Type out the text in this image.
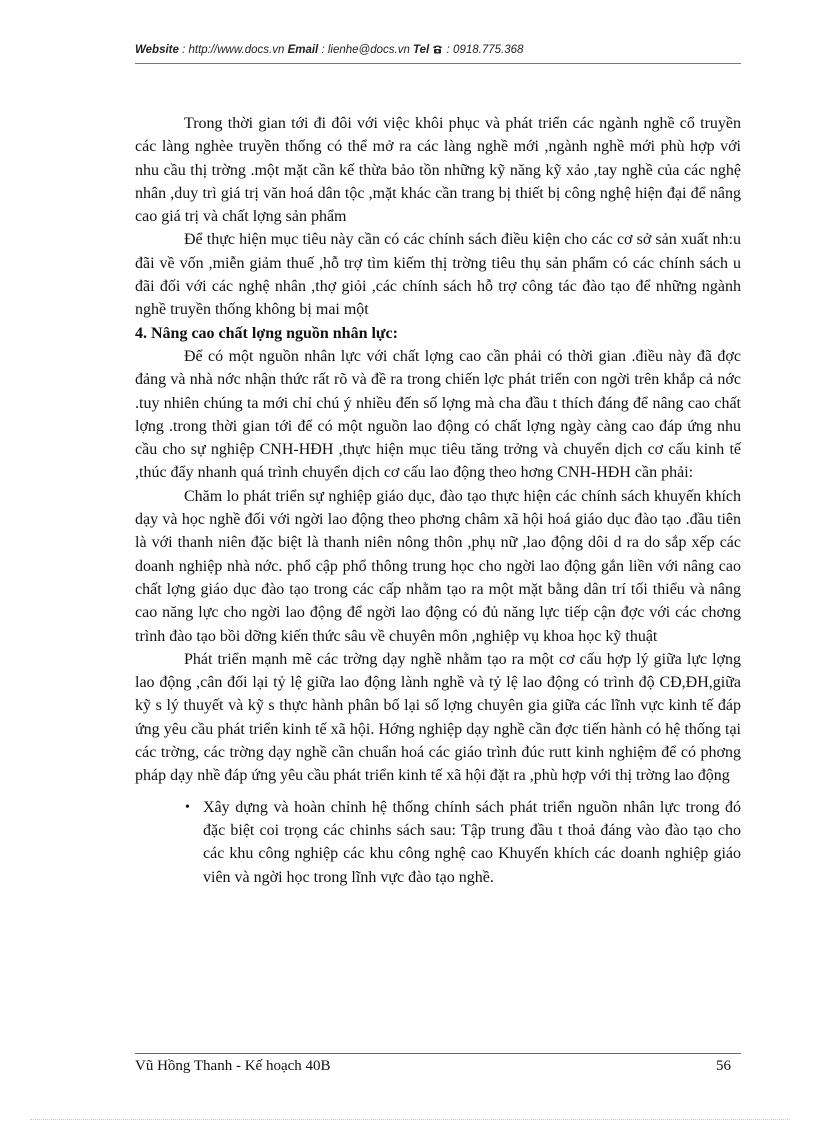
Website : http://www.docs.vn Email : lienhe@docs.vn Tel : 0918.775.368

Trong thời gian tới đi đôi với việc khôi phục và phát triển các ngành nghề cổ truyền các làng nghèe truyền thống có thể mở ra các làng nghề mới ,ngành nghề mới phù hợp với nhu cầu thị trờng .một mặt cần kế thừa bảo tồn những kỹ năng kỹ xảo ,tay nghề của các nghệ nhân ,duy trì giá trị văn hoá dân tộc ,mặt khác cần trang bị thiết bị công nghệ hiện đại để nâng cao giá trị và chất lợng sản phẩm

Để thực hiện mục tiêu này cần có các chính sách điều kiện cho các cơ sở sản xuất nh:u đãi về vốn ,miễn giảm thuế ,hỗ trợ tìm kiếm thị trờng tiêu thụ sản phẩm có các chính sách u đãi đối với các nghệ nhân ,thợ giỏi ,các chính sách hỗ trợ công tác đào tạo để những ngành nghề truyền thống không bị mai một

4. Nâng cao chất lợng nguồn nhân lực:

Để có một nguồn nhân lực với chất lợng cao cần phải có thời gian .điều này đã đợc đảng và nhà nớc nhận thức rất rõ và đề ra trong chiến lợc phát triển con ngời trên khắp cả nớc .tuy nhiên chúng ta mới chỉ chú ý nhiều đến số lợng mà cha đầu t thích đáng để nâng cao chất lợng .trong thời gian tới để có một nguồn lao động có chất lợng ngày càng cao đáp ứng nhu cầu cho sự nghiệp CNH-HĐH ,thực hiện mục tiêu tăng trởng và chuyển dịch cơ cấu kinh tế ,thúc đẩy nhanh quá trình chuyển dịch cơ cấu lao động theo hơng CNH-HĐH cần phải:

Chăm lo phát triển sự nghiệp giáo dục, đào tạo thực hiện các chính sách khuyến khích dạy và học nghề đối với ngời lao động theo phơng châm xã hội hoá giáo dục đào tạo .đầu tiên là với thanh niên đặc biệt là thanh niên nông thôn ,phụ nữ ,lao động dôi d ra do sắp xếp các doanh nghiệp nhà nớc. phổ cập phổ thông trung học cho ngời lao động gắn liền với nâng cao chất lợng giáo dục đào tạo trong các cấp nhằm tạo ra một mặt bằng dân trí tối thiểu và nâng cao năng lực cho ngời lao động để ngời lao động có đủ năng lực tiếp cận đợc với các chơng trình đào tạo bồi dỡng kiến thức sâu về chuyên môn ,nghiệp vụ khoa học kỹ thuật

Phát triển mạnh mẽ các trờng dạy nghề nhằm tạo ra một cơ cấu hợp lý giữa lực lợng lao động ,cân đối lại tỷ lệ giữa lao động lành nghề và tỷ lệ lao động có trình độ CĐ,ĐH,giữa kỹ s lý thuyết và kỹ s thực hành phân bố lại số lợng chuyên gia giữa các lĩnh vực kinh tế đáp ứng yêu cầu phát triển kinh tế xã hội. Hớng nghiệp dạy nghề cần đợc tiến hành có hệ thống tại các trờng, các trờng dạy nghề cần chuẩn hoá các giáo trình đúc rutt kinh nghiệm để có phơng pháp dạy nhề đáp ứng yêu cầu phát triển kinh tế xã hội đặt ra ,phù hợp với thị trờng lao động

• Xây dựng và hoàn chỉnh hệ thống chính sách phát triển nguồn nhân lực trong đó đặc biệt coi trọng các chinhs sách sau: Tập trung đầu t thoả đáng vào đào tạo cho các khu công nghiệp các khu công nghệ cao Khuyến khích các doanh nghiệp giáo viên và ngời học trong lĩnh vực đào tạo nghề.
Vũ Hồng Thanh - Kế hoạch 40B	56
